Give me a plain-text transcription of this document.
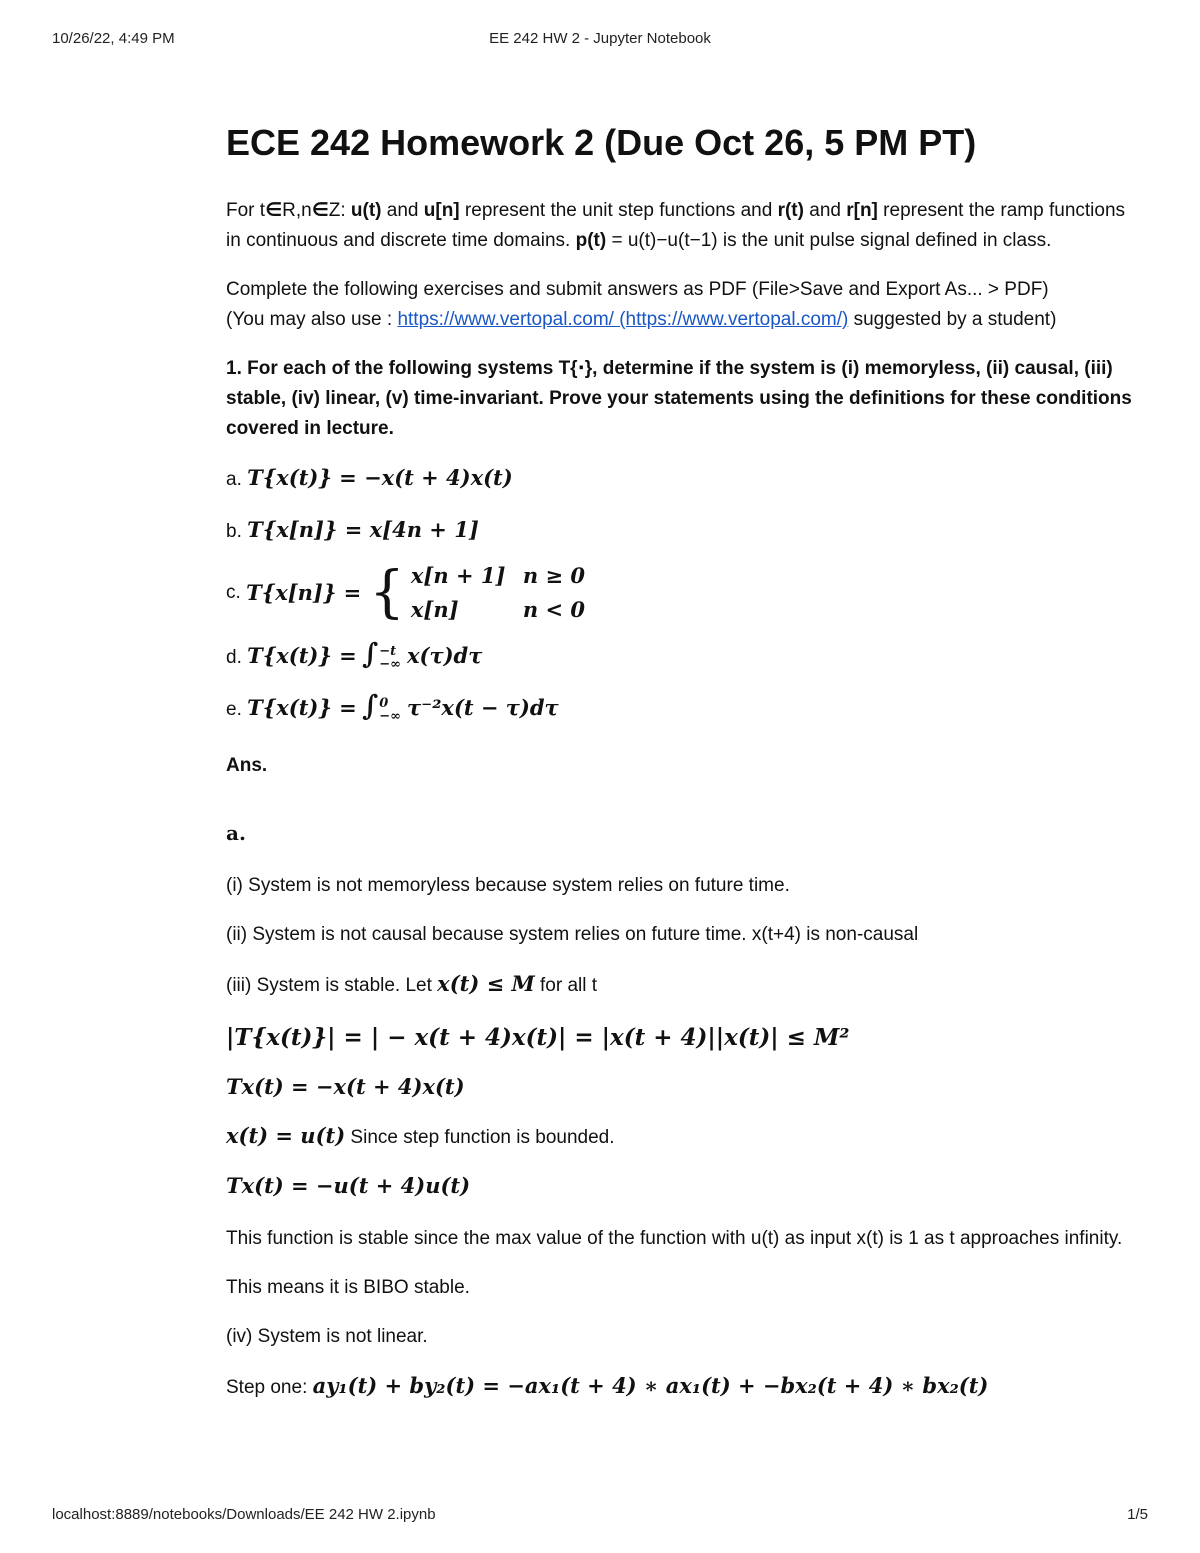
10/26/22, 4:49 PM	EE 242 HW 2 - Jupyter Notebook
ECE 242 Homework 2 (Due Oct 26, 5 PM PT)

For t∈R,n∈Z: u(t) and u[n] represent the unit step functions and r(t) and r[n] represent the ramp functions in continuous and discrete time domains. p(t) = u(t)−u(t−1) is the unit pulse signal defined in class.

Complete the following exercises and submit answers as PDF (File>Save and Export As... > PDF)
(You may also use : https://www.vertopal.com/ (https://www.vertopal.com/) suggested by a student)

1. For each of the following systems T{⋅}, determine if the system is (i) memoryless, (ii) causal, (iii) stable, (iv) linear, (v) time-invariant. Prove your statements using the definitions for these conditions covered in lecture.

a. T{x(t)} = −x(t + 4)x(t)

b. T{x[n]} = x[4n + 1]

c. T{x[n]} = { x[n + 1] n ≥ 0
x[n]	n < 0

d. T{x(t)} = ∫ −t
−∞ x(τ)dτ

e. T{x(t)} = ∫ 0
−∞ τ⁻²x(t − τ)dτ

Ans.

a.

(i) System is not memoryless because system relies on future time.

(ii) System is not causal because system relies on future time. x(t+4) is non-causal

(iii) System is stable. Let x(t) ≤ M for all t

|T{x(t)}| = | − x(t + 4)x(t)| = |x(t + 4)||x(t)| ≤ M²

Tx(t) = −x(t + 4)x(t)

x(t) = u(t) Since step function is bounded.

Tx(t) = −u(t + 4)u(t)

This function is stable since the max value of the function with u(t) as input x(t) is 1 as t approaches infinity.

This means it is BIBO stable.

(iv) System is not linear.

Step one: ay₁(t) + by₂(t) = −ax₁(t + 4) ∗ ax₁(t) + −bx₂(t + 4) ∗ bx₂(t)

localhost:8889/notebooks/Downloads/EE 242 HW 2.ipynb	1/5
